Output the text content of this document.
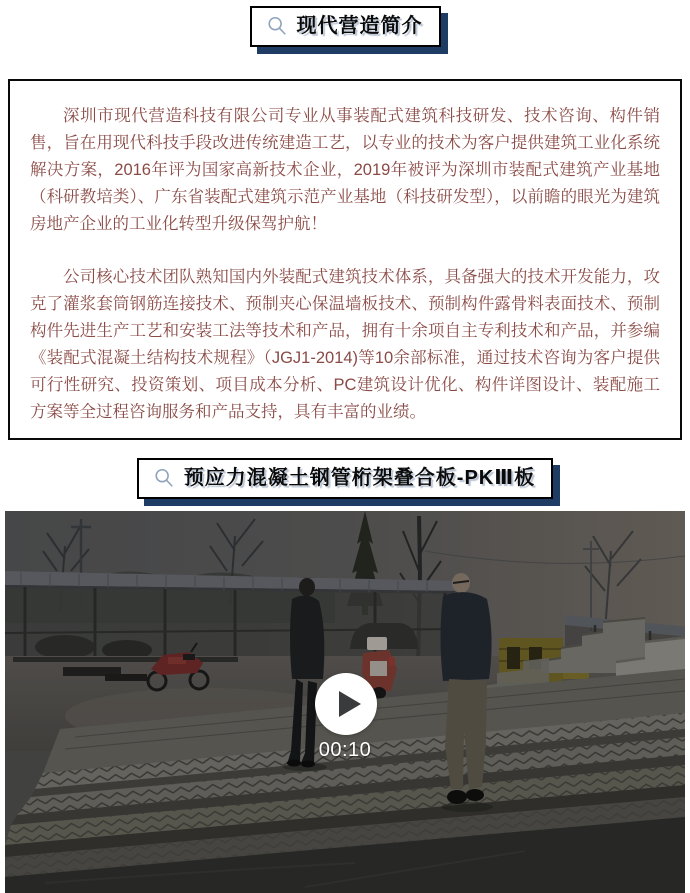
现代营造简介

深圳市现代营造科技有限公司专业从事装配式建筑科技研发、技术咨询、构件销售，旨在用现代科技手段改进传统建造工艺，以专业的技术为客户提供建筑工业化系统解决方案，2016年评为国家高新技术企业，2019年被评为深圳市装配式建筑产业基地（科研教培类）、广东省装配式建筑示范产业基地（科技研发型），以前瞻的眼光为建筑房地产企业的工业化转型升级保驾护航！

公司核心技术团队熟知国内外装配式建筑技术体系，具备强大的技术开发能力，攻克了灌浆套筒钢筋连接技术、预制夹心保温墙板技术、预制构件露骨料表面技术、预制构件先进生产工艺和安装工法等技术和产品，拥有十余项自主专利技术和产品，并参编《装配式混凝土结构技术规程》（JGJ1-2014)等10余部标准，通过技术咨询为客户提供可行性研究、投资策划、项目成本分析、PC建筑设计优化、构件详图设计、装配施工方案等全过程咨询服务和产品支持，具有丰富的业绩。

预应力混凝土钢管桁架叠合板-PKⅢ板
00:10
